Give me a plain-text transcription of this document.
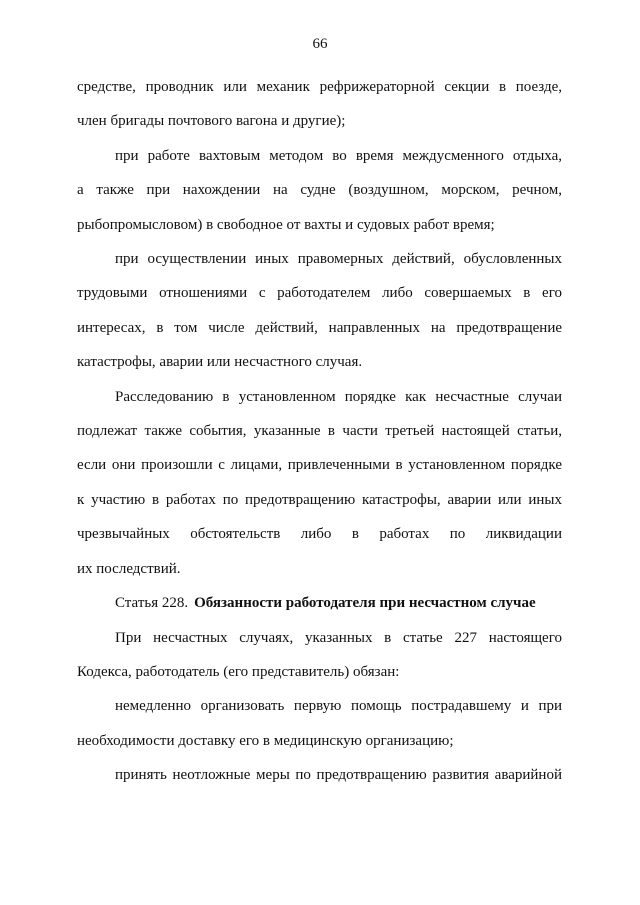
66

средстве, проводник или механик рефрижераторной секции в поезде,

член бригады почтового вагона и другие);

при работе вахтовым методом во время междусменного отдыха,

а также при нахождении на судне (воздушном, морском, речном,

рыбопромысловом) в свободное от вахты и судовых работ время;

при осуществлении иных правомерных действий, обусловленных

трудовыми отношениями с работодателем либо совершаемых в его

интересах, в том числе действий, направленных на предотвращение

катастрофы, аварии или несчастного случая.

Расследованию в установленном порядке как несчастные случаи

подлежат также события, указанные в части третьей настоящей статьи,

если они произошли с лицами, привлеченными в установленном порядке

к участию в работах по предотвращению катастрофы, аварии или иных

чрезвычайных обстоятельств либо в работах по ликвидации

их последствий.

Статья 228. Обязанности работодателя при несчастном случае

При несчастных случаях, указанных в статье 227 настоящего

Кодекса, работодатель (его представитель) обязан:

немедленно организовать первую помощь пострадавшему и при

необходимости доставку его в медицинскую организацию;

принять неотложные меры по предотвращению развития аварийной
